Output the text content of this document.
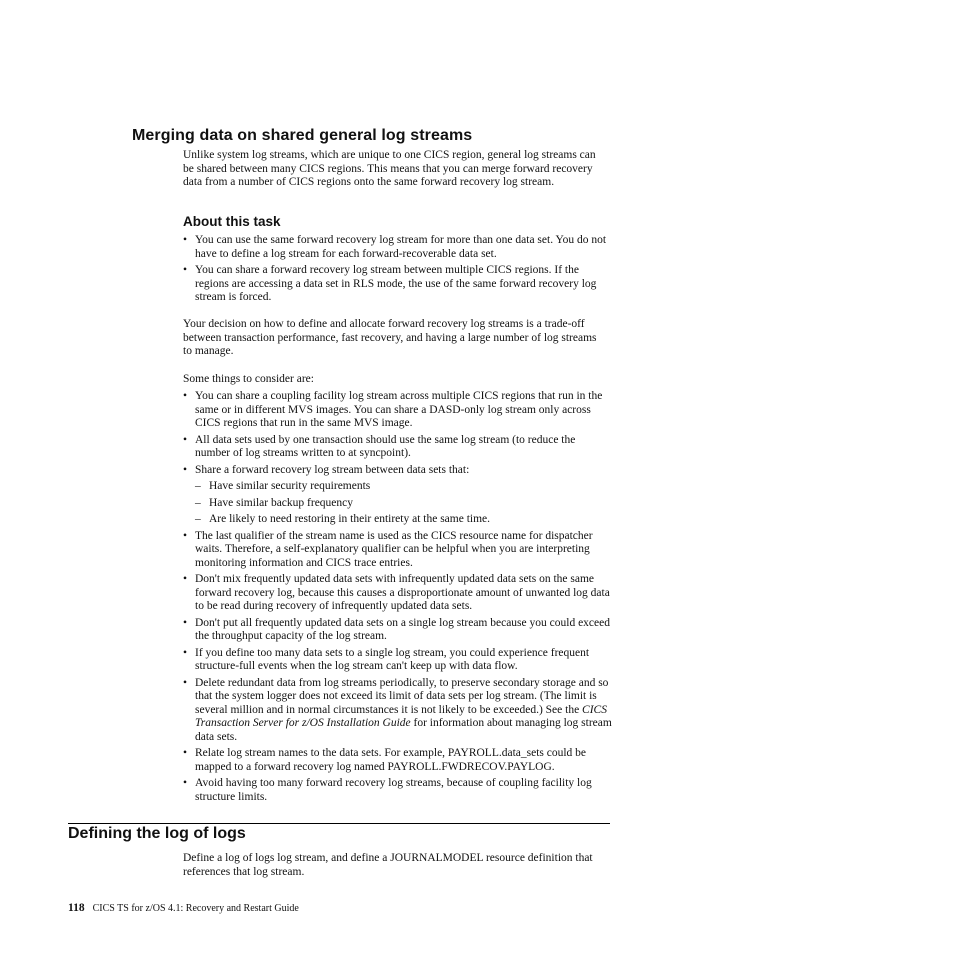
Merging data on shared general log streams
Unlike system log streams, which are unique to one CICS region, general log streams can be shared between many CICS regions. This means that you can merge forward recovery data from a number of CICS regions onto the same forward recovery log stream.
About this task
• You can use the same forward recovery log stream for more than one data set. You do not have to define a log stream for each forward-recoverable data set.
• You can share a forward recovery log stream between multiple CICS regions. If the regions are accessing a data set in RLS mode, the use of the same forward recovery log stream is forced.
Your decision on how to define and allocate forward recovery log streams is a trade-off between transaction performance, fast recovery, and having a large number of log streams to manage.
Some things to consider are:
• You can share a coupling facility log stream across multiple CICS regions that run in the same or in different MVS images. You can share a DASD-only log stream only across CICS regions that run in the same MVS image.
• All data sets used by one transaction should use the same log stream (to reduce the number of log streams written to at syncpoint).
• Share a forward recovery log stream between data sets that:
– Have similar security requirements
– Have similar backup frequency
– Are likely to need restoring in their entirety at the same time.
• The last qualifier of the stream name is used as the CICS resource name for dispatcher waits. Therefore, a self-explanatory qualifier can be helpful when you are interpreting monitoring information and CICS trace entries.
• Don't mix frequently updated data sets with infrequently updated data sets on the same forward recovery log, because this causes a disproportionate amount of unwanted log data to be read during recovery of infrequently updated data sets.
• Don't put all frequently updated data sets on a single log stream because you could exceed the throughput capacity of the log stream.
• If you define too many data sets to a single log stream, you could experience frequent structure-full events when the log stream can't keep up with data flow.
• Delete redundant data from log streams periodically, to preserve secondary storage and so that the system logger does not exceed its limit of data sets per log stream. (The limit is several million and in normal circumstances it is not likely to be exceeded.) See the CICS Transaction Server for z/OS Installation Guide for information about managing log stream data sets.
• Relate log stream names to the data sets. For example, PAYROLL.data_sets could be mapped to a forward recovery log named PAYROLL.FWDRECOV.PAYLOG.
• Avoid having too many forward recovery log streams, because of coupling facility log structure limits.
Defining the log of logs
Define a log of logs log stream, and define a JOURNALMODEL resource definition that references that log stream.
118 CICS TS for z/OS 4.1: Recovery and Restart Guide
